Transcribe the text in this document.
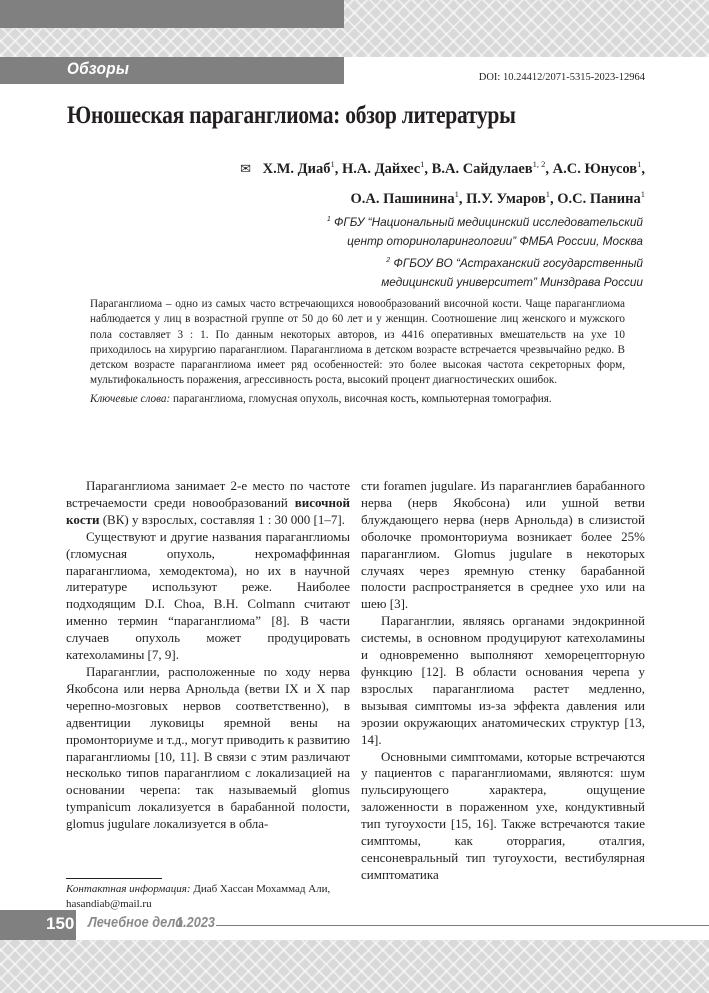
Обзоры	DOI: 10.24412/2071-5315-2023-12964

Юношеская параганглиома: обзор литературы
✉ Х.М. Диаб$^1$, Н.А. Дайхес$^1$, В.А. Сайдулаев$^{1, 2}$, А.С. Юнусов$^1$,
О.А. Пашинина$^1$, П.У. Умаров$^1$, О.С. Панина$^1$
$^1$ ФГБУ “Национальный медицинский исследовательский
центр оториноларингологии” ФМБА России, Москва
$^2$ ФГБОУ ВО “Астраханский государственный
медицинский университет” Минздрава России

Параганглиома – одно из самых часто встречающихся новообразований височной кости. Чаще параганглиома наблюдается у лиц в возрастной группе от 50 до 60 лет и у женщин. Соотношение лиц женского и мужского пола составляет 3 : 1. По данным некоторых авторов, из 4416 оперативных вмешательств на ухе 10 приходилось на хирургию параганглиом. Параганглиома в детском возрасте встречается чрезвычайно редко. В детском возрасте параганглиома имеет ряд особенностей: это более высокая частота секреторных форм, мультифокальность поражения, агрессивность роста, высокий процент диагностических ошибок.

Ключевые слова: параганглиома, гломусная опухоль, височная кость, компьютерная томография.

Параганглиома занимает 2-е место по частоте встречаемости среди новообразований височной кости (ВК) у взрослых, составляя 1 : 30 000 [1–7].

Существуют и другие названия параганглиомы (гломусная опухоль, нехромаффинная параганглиома, хемодектома), но их в научной литературе используют реже. Наиболее подходящим D.I. Choa, B.H. Colmann считают именно термин “параганглиома” [8]. В части случаев опухоль может продуцировать катехоламины [7, 9].

Параганглии, расположенные по ходу нерва Якобсона или нерва Арнольда (ветви IX и X пар черепно-мозговых нервов соответственно), в адвентиции луковицы яремной вены на промонториуме и т.д., могут приводить к развитию параганглиомы [10, 11]. В связи с этим различают несколько типов параганглиом с локализацией на основании черепа: так называемый glomus tympanicum локализуется в барабанной полости, glomus jugulare локализуется в обла-

сти foramen jugulare. Из параганглиев барабанного нерва (нерв Якобсона) или ушной ветви блуждающего нерва (нерв Арнольда) в слизистой оболочке промонториума возникает более 25% параганглиом. Glomus jugulare в некоторых случаях через яремную стенку барабанной полости распространяется в среднее ухо или на шею [3].

Параганглии, являясь органами эндокринной системы, в основном продуцируют катехоламины и одновременно выполняют хеморецепторную функцию [12]. В области основания черепа у взрослых параганглиома растет медленно, вызывая симптомы из-за эффекта давления или эрозии окружающих анатомических структур [13, 14].

Основными симптомами, которые встречаются у пациентов с параганглиомами, являются: шум пульсирующего характера, ощущение заложенности в пораженном ухе, кондуктивный тип тугоухости [15, 16]. Также встречаются такие симптомы, как оторрагия, оталгия, сенсоневральный тип тугоухости, вестибулярная симптоматика

Контактная информация: Диаб Хассан Мохаммад Али, hasandiab@mail.ru

150 Лечебное дело

1.2023
